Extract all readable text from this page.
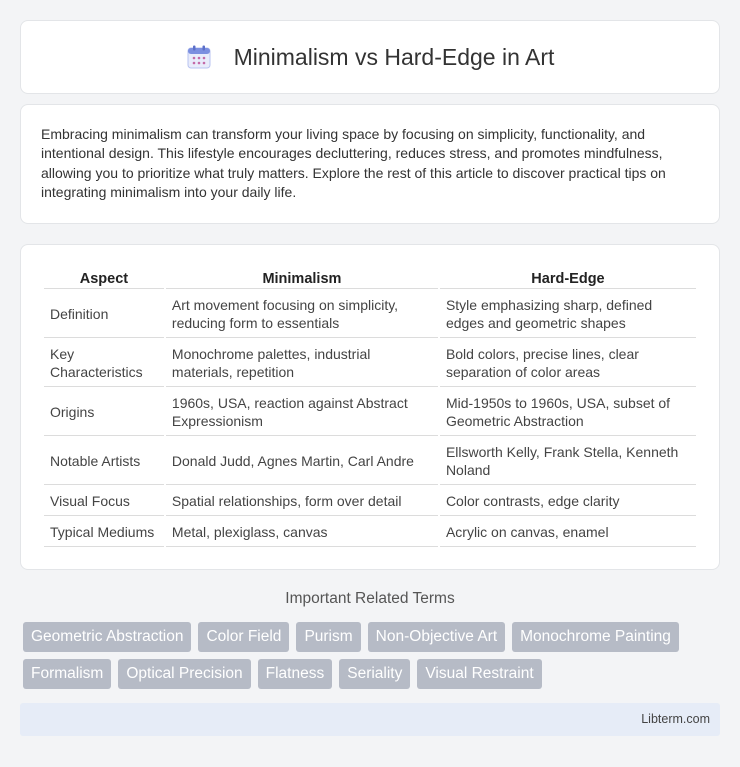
Minimalism vs Hard-Edge in Art

Embracing minimalism can transform your living space by focusing on simplicity, functionality, and intentional design. This lifestyle encourages decluttering, reduces stress, and promotes mindfulness, allowing you to prioritize what truly matters. Explore the rest of this article to discover practical tips on integrating minimalism into your daily life.

Aspect	Minimalism	Hard-Edge
Definition	Art movement focusing on simplicity, reducing form to essentials	Style emphasizing sharp, defined edges and geometric shapes
Key Characteristics	Monochrome palettes, industrial materials, repetition	Bold colors, precise lines, clear separation of color areas
Origins	1960s, USA, reaction against Abstract Expressionism	Mid-1950s to 1960s, USA, subset of Geometric Abstraction
Notable Artists	Donald Judd, Agnes Martin, Carl Andre	Ellsworth Kelly, Frank Stella, Kenneth Noland
Visual Focus	Spatial relationships, form over detail	Color contrasts, edge clarity
Typical Mediums	Metal, plexiglass, canvas	Acrylic on canvas, enamel
Important Related Terms
Geometric Abstraction	Color Field	Purism	Non-Objective Art	Monochrome Painting
Formalism	Optical Precision	Flatness	Seriality	Visual Restraint
Libterm.com
